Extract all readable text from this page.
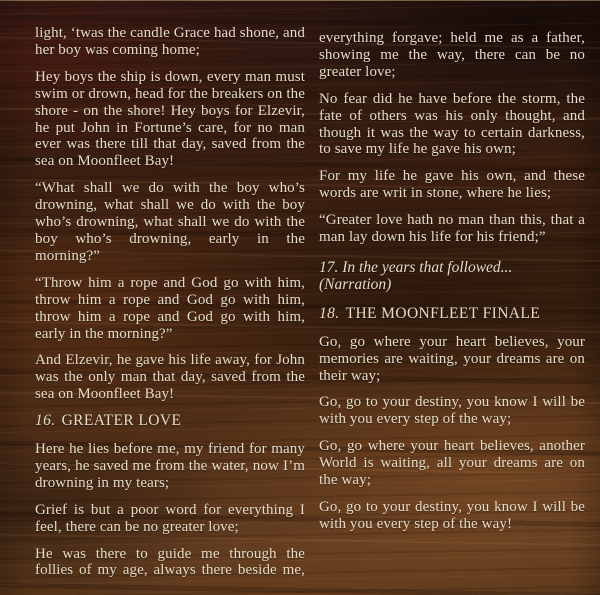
light, ‘twas the candle Grace had shone, and her boy was coming home;

Hey boys the ship is down, every man must swim or drown, head for the breakers on the shore - on the shore! Hey boys for Elzevir, he put John in Fortune’s care, for no man ever was there till that day, saved from the sea on Moonfleet Bay!

“What shall we do with the boy who’s drowning, what shall we do with the boy who’s drowning, what shall we do with the boy who’s drowning, early in the morning?”

“Throw him a rope and God go with him, throw him a rope and God go with him, throw him a rope and God go with him, early in the morning?”

And Elzevir, he gave his life away, for John was the only man that day, saved from the sea on Moonfleet Bay!

16. GREATER LOVE

Here he lies before me, my friend for many years, he saved me from the water, now I’m drowning in my tears;

Grief is but a poor word for everything I feel, there can be no greater love;

He was there to guide me through the follies of my age, always there beside me,

everything forgave; held me as a father, showing me the way, there can be no greater love;

No fear did he have before the storm, the fate of others was his only thought, and though it was the way to certain darkness, to save my life he gave his own;

For my life he gave his own, and these words are writ in stone, where he lies;

“Greater love hath no man than this, that a man lay down his life for his friend;”

17. In the years that followed...
(Narration)
18. THE MOONFLEET FINALE

Go, go where your heart believes, your memories are waiting, your dreams are on their way;

Go, go to your destiny, you know I will be with you every step of the way;

Go, go where your heart believes, another World is waiting, all your dreams are on the way;

Go, go to your destiny, you know I will be with you every step of the way!
